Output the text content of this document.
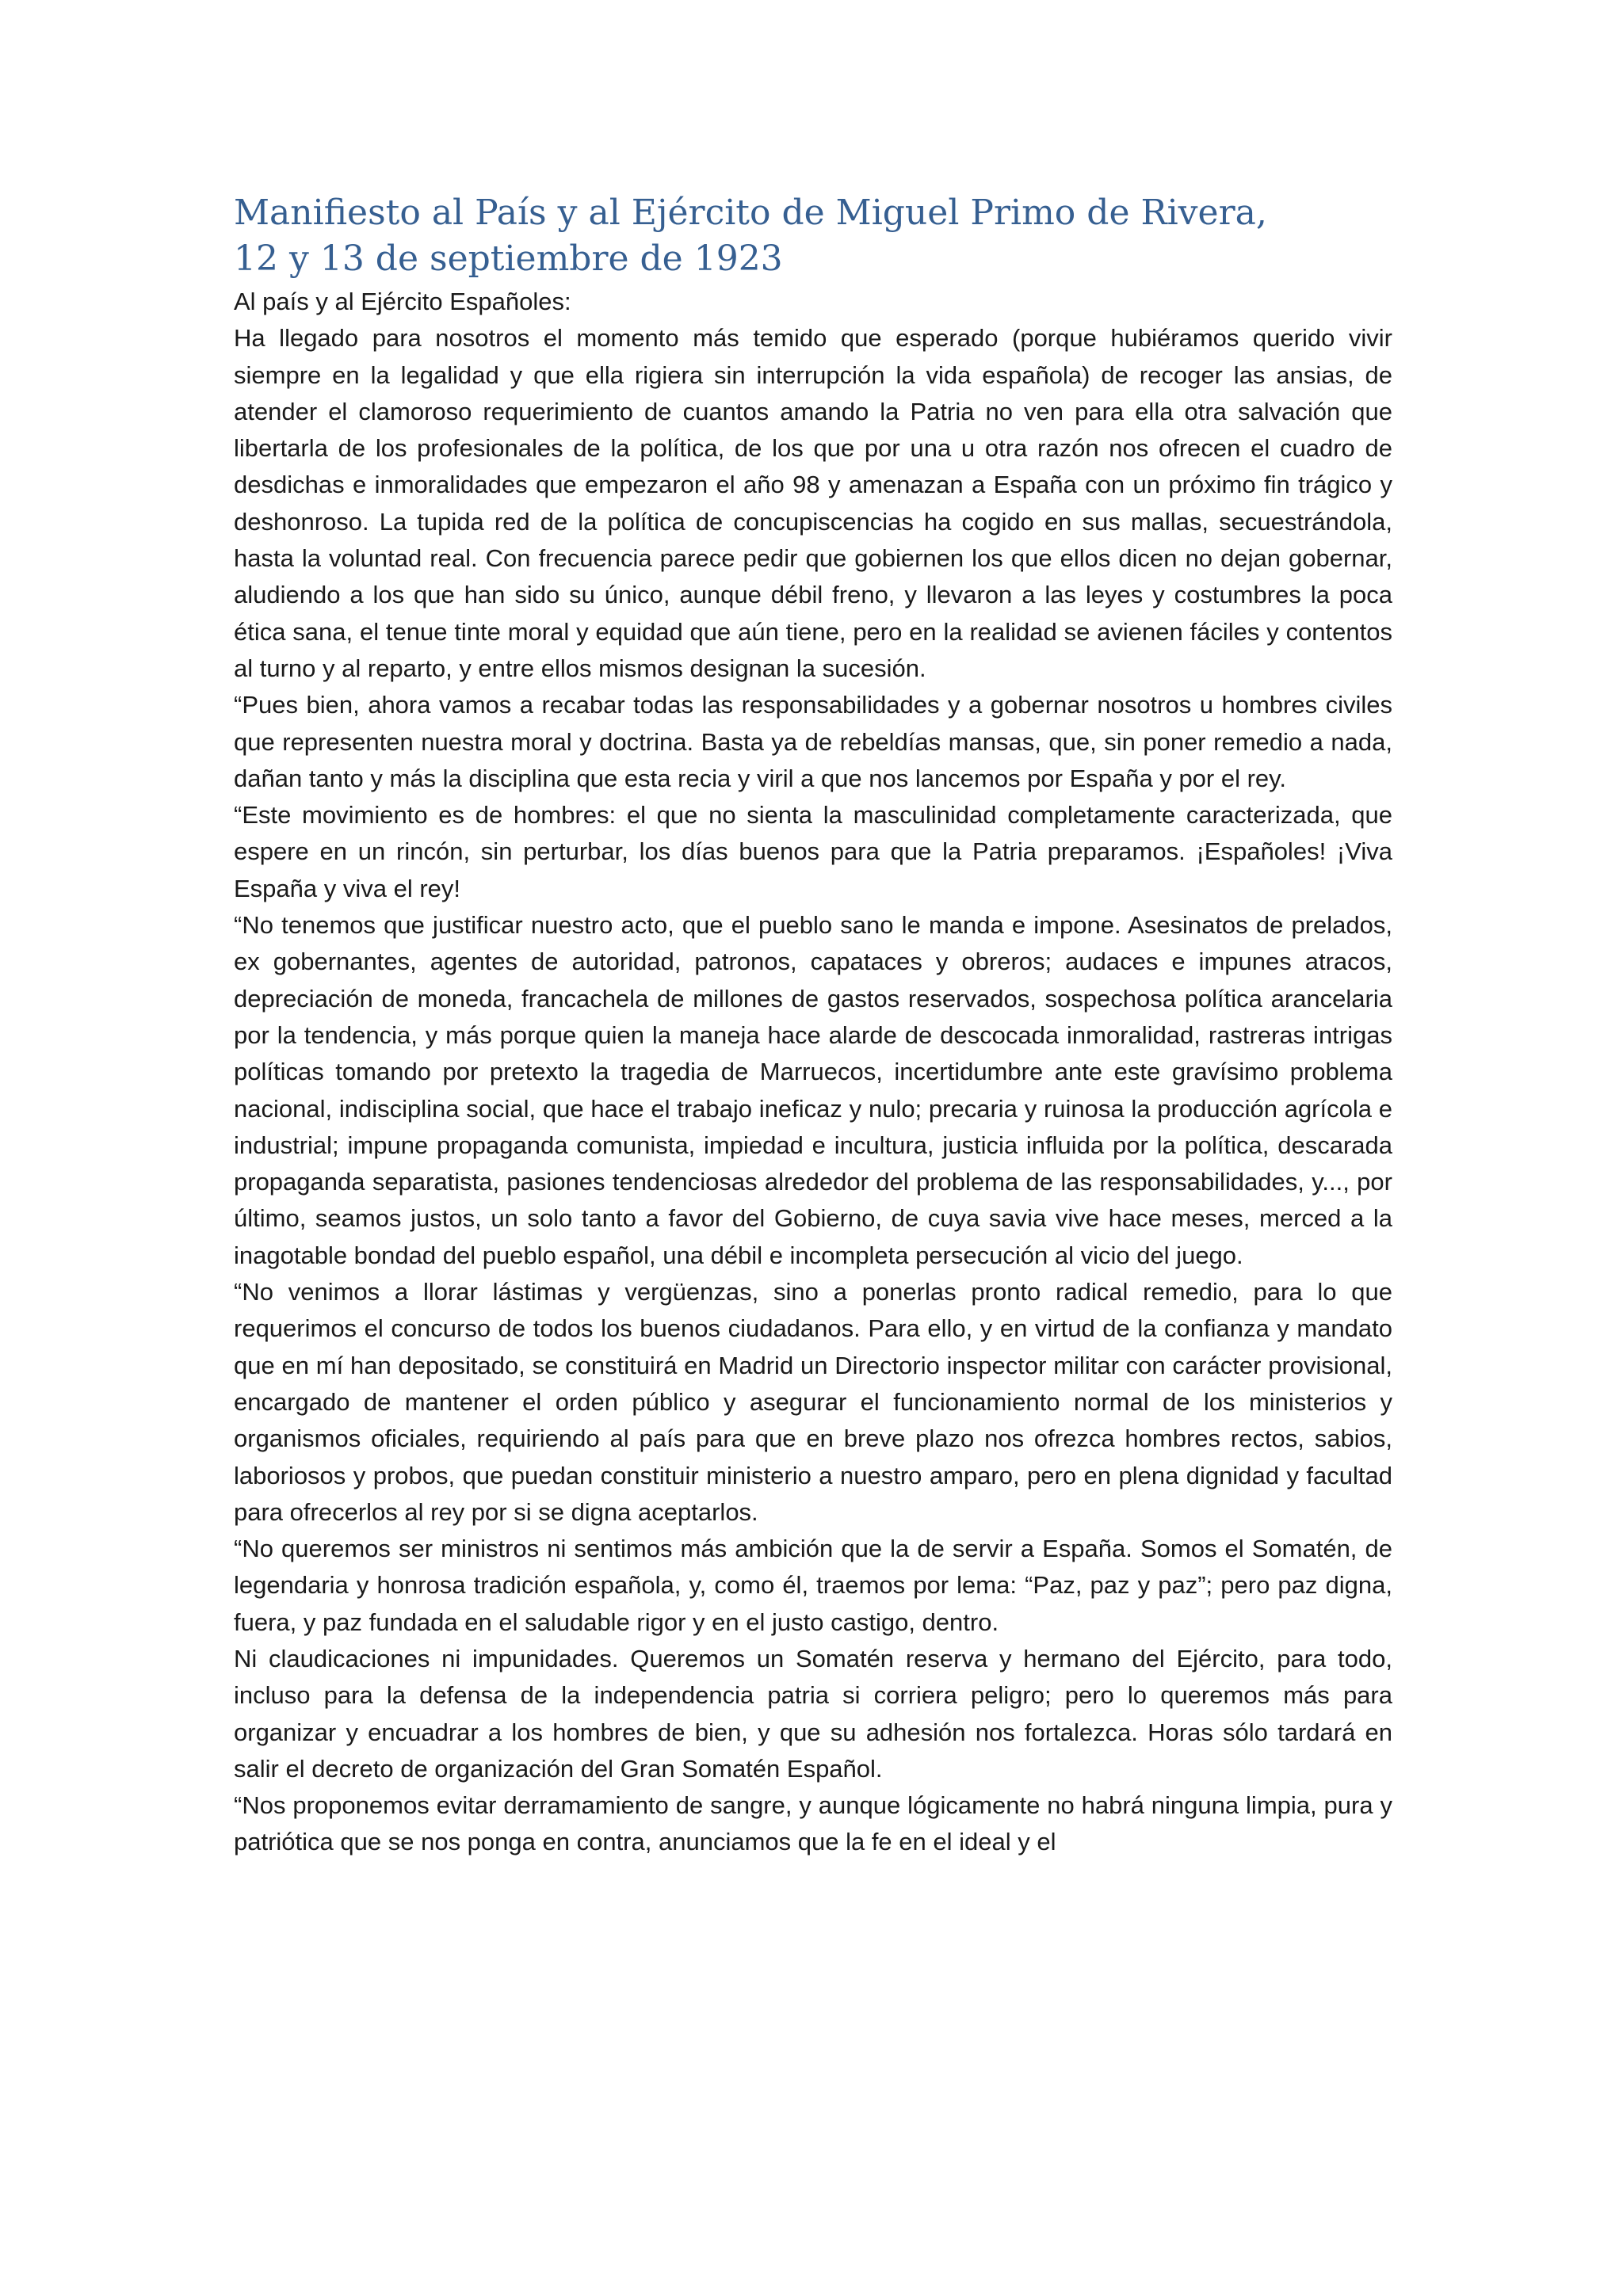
Manifiesto al País y al Ejército de Miguel Primo de Rivera,
12 y 13 de septiembre de 1923

Al país y al Ejército Españoles:

Ha llegado para nosotros el momento más temido que esperado (porque hubiéramos querido vivir siempre en la legalidad y que ella rigiera sin interrupción la vida española) de recoger las ansias, de atender el clamoroso requerimiento de cuantos amando la Patria no ven para ella otra salvación que libertarla de los profesionales de la política, de los que por una u otra razón nos ofrecen el cuadro de desdichas e inmoralidades que empezaron el año 98 y amenazan a España con un próximo fin trágico y deshonroso. La tupida red de la política de concupiscencias ha cogido en sus mallas, secuestrándola, hasta la voluntad real. Con frecuencia parece pedir que gobiernen los que ellos dicen no dejan gobernar, aludiendo a los que han sido su único, aunque débil freno, y llevaron a las leyes y costumbres la poca ética sana, el tenue tinte moral y equidad que aún tiene, pero en la realidad se avienen fáciles y contentos al turno y al reparto, y entre ellos mismos designan la sucesión.

“Pues bien, ahora vamos a recabar todas las responsabilidades y a gobernar nosotros u hombres civiles que representen nuestra moral y doctrina. Basta ya de rebeldías mansas, que, sin poner remedio a nada, dañan tanto y más la disciplina que esta recia y viril a que nos lancemos por España y por el rey.

“Este movimiento es de hombres: el que no sienta la masculinidad completamente caracterizada, que espere en un rincón, sin perturbar, los días buenos para que la Patria preparamos. ¡Españoles! ¡Viva España y viva el rey!

“No tenemos que justificar nuestro acto, que el pueblo sano le manda e impone. Asesinatos de prelados, ex gobernantes, agentes de autoridad, patronos, capataces y obreros; audaces e impunes atracos, depreciación de moneda, francachela de millones de gastos reservados, sospechosa política arancelaria por la tendencia, y más porque quien la maneja hace alarde de descocada inmoralidad, rastreras intrigas políticas tomando por pretexto la tragedia de Marruecos, incertidumbre ante este gravísimo problema nacional, indisciplina social, que hace el trabajo ineficaz y nulo; precaria y ruinosa la producción agrícola e industrial; impune propaganda comunista, impiedad e incultura, justicia influida por la política, descarada propaganda separatista, pasiones tendenciosas alrededor del problema de las responsabilidades, y..., por último, seamos justos, un solo tanto a favor del Gobierno, de cuya savia vive hace meses, merced a la inagotable bondad del pueblo español, una débil e incompleta persecución al vicio del juego.

“No venimos a llorar lástimas y vergüenzas, sino a ponerlas pronto radical remedio, para lo que requerimos el concurso de todos los buenos ciudadanos. Para ello, y en virtud de la confianza y mandato que en mí han depositado, se constituirá en Madrid un Directorio inspector militar con carácter provisional, encargado de mantener el orden público y asegurar el funcionamiento normal de los ministerios y organismos oficiales, requiriendo al país para que en breve plazo nos ofrezca hombres rectos, sabios, laboriosos y probos, que puedan constituir ministerio a nuestro amparo, pero en plena dignidad y facultad para ofrecerlos al rey por si se digna aceptarlos.

“No queremos ser ministros ni sentimos más ambición que la de servir a España. Somos el Somatén, de legendaria y honrosa tradición española, y, como él, traemos por lema: “Paz, paz y paz”; pero paz digna, fuera, y paz fundada en el saludable rigor y en el justo castigo, dentro.

Ni claudicaciones ni impunidades. Queremos un Somatén reserva y hermano del Ejército, para todo, incluso para la defensa de la independencia patria si corriera peligro; pero lo queremos más para organizar y encuadrar a los hombres de bien, y que su adhesión nos fortalezca. Horas sólo tardará en salir el decreto de organización del Gran Somatén Español.

“Nos proponemos evitar derramamiento de sangre, y aunque lógicamente no habrá ninguna limpia, pura y patriótica que se nos ponga en contra, anunciamos que la fe en el ideal y el
